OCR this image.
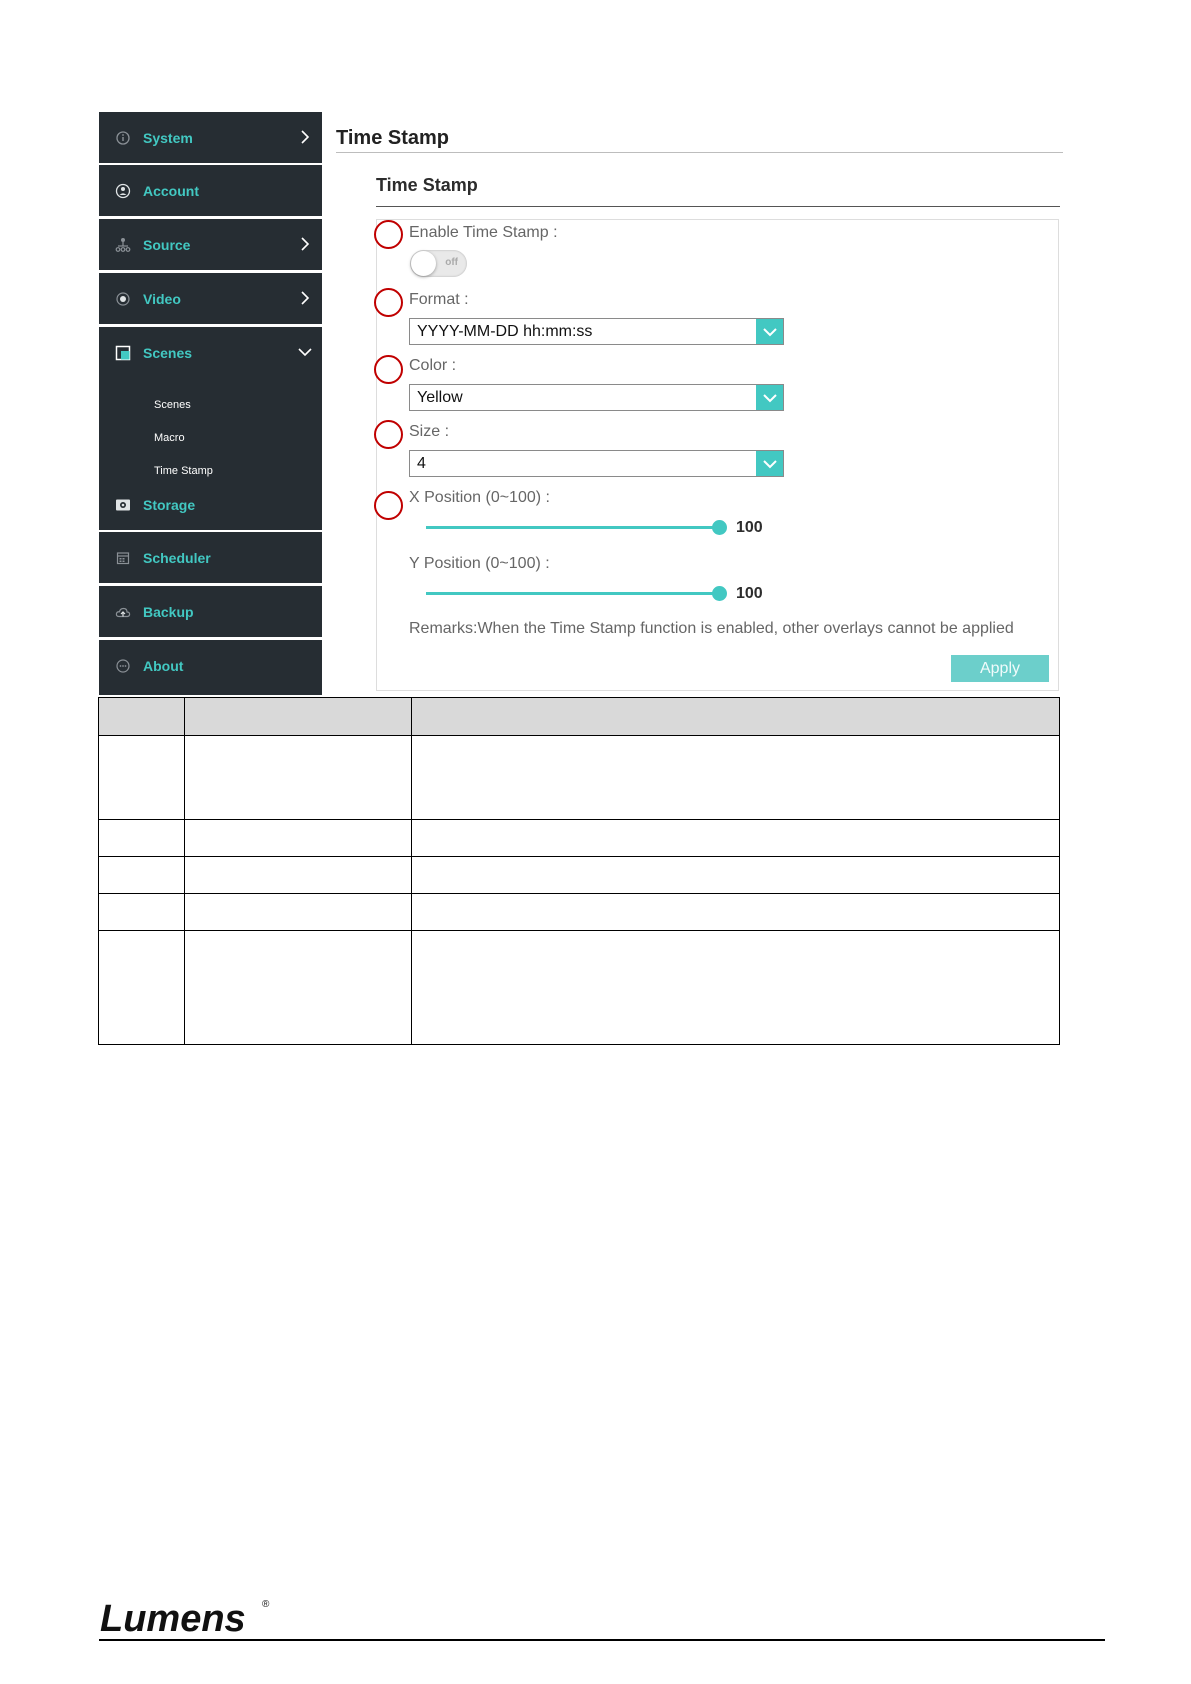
System
Account
Source
Video
Scenes
Scenes
Macro
Time Stamp
Storage
Scheduler
Backup
About
Time Stamp
Time Stamp
Enable Time Stamp :
off
Format :
YYYY-MM-DD hh:mm:ss
Color :
Yellow
Size :
4
X Position (0~100) :
100
Y Position (0~100) :
100
Remarks:When the Time Stamp function is enabled, other overlays cannot be applied
Apply

Lumens ®
